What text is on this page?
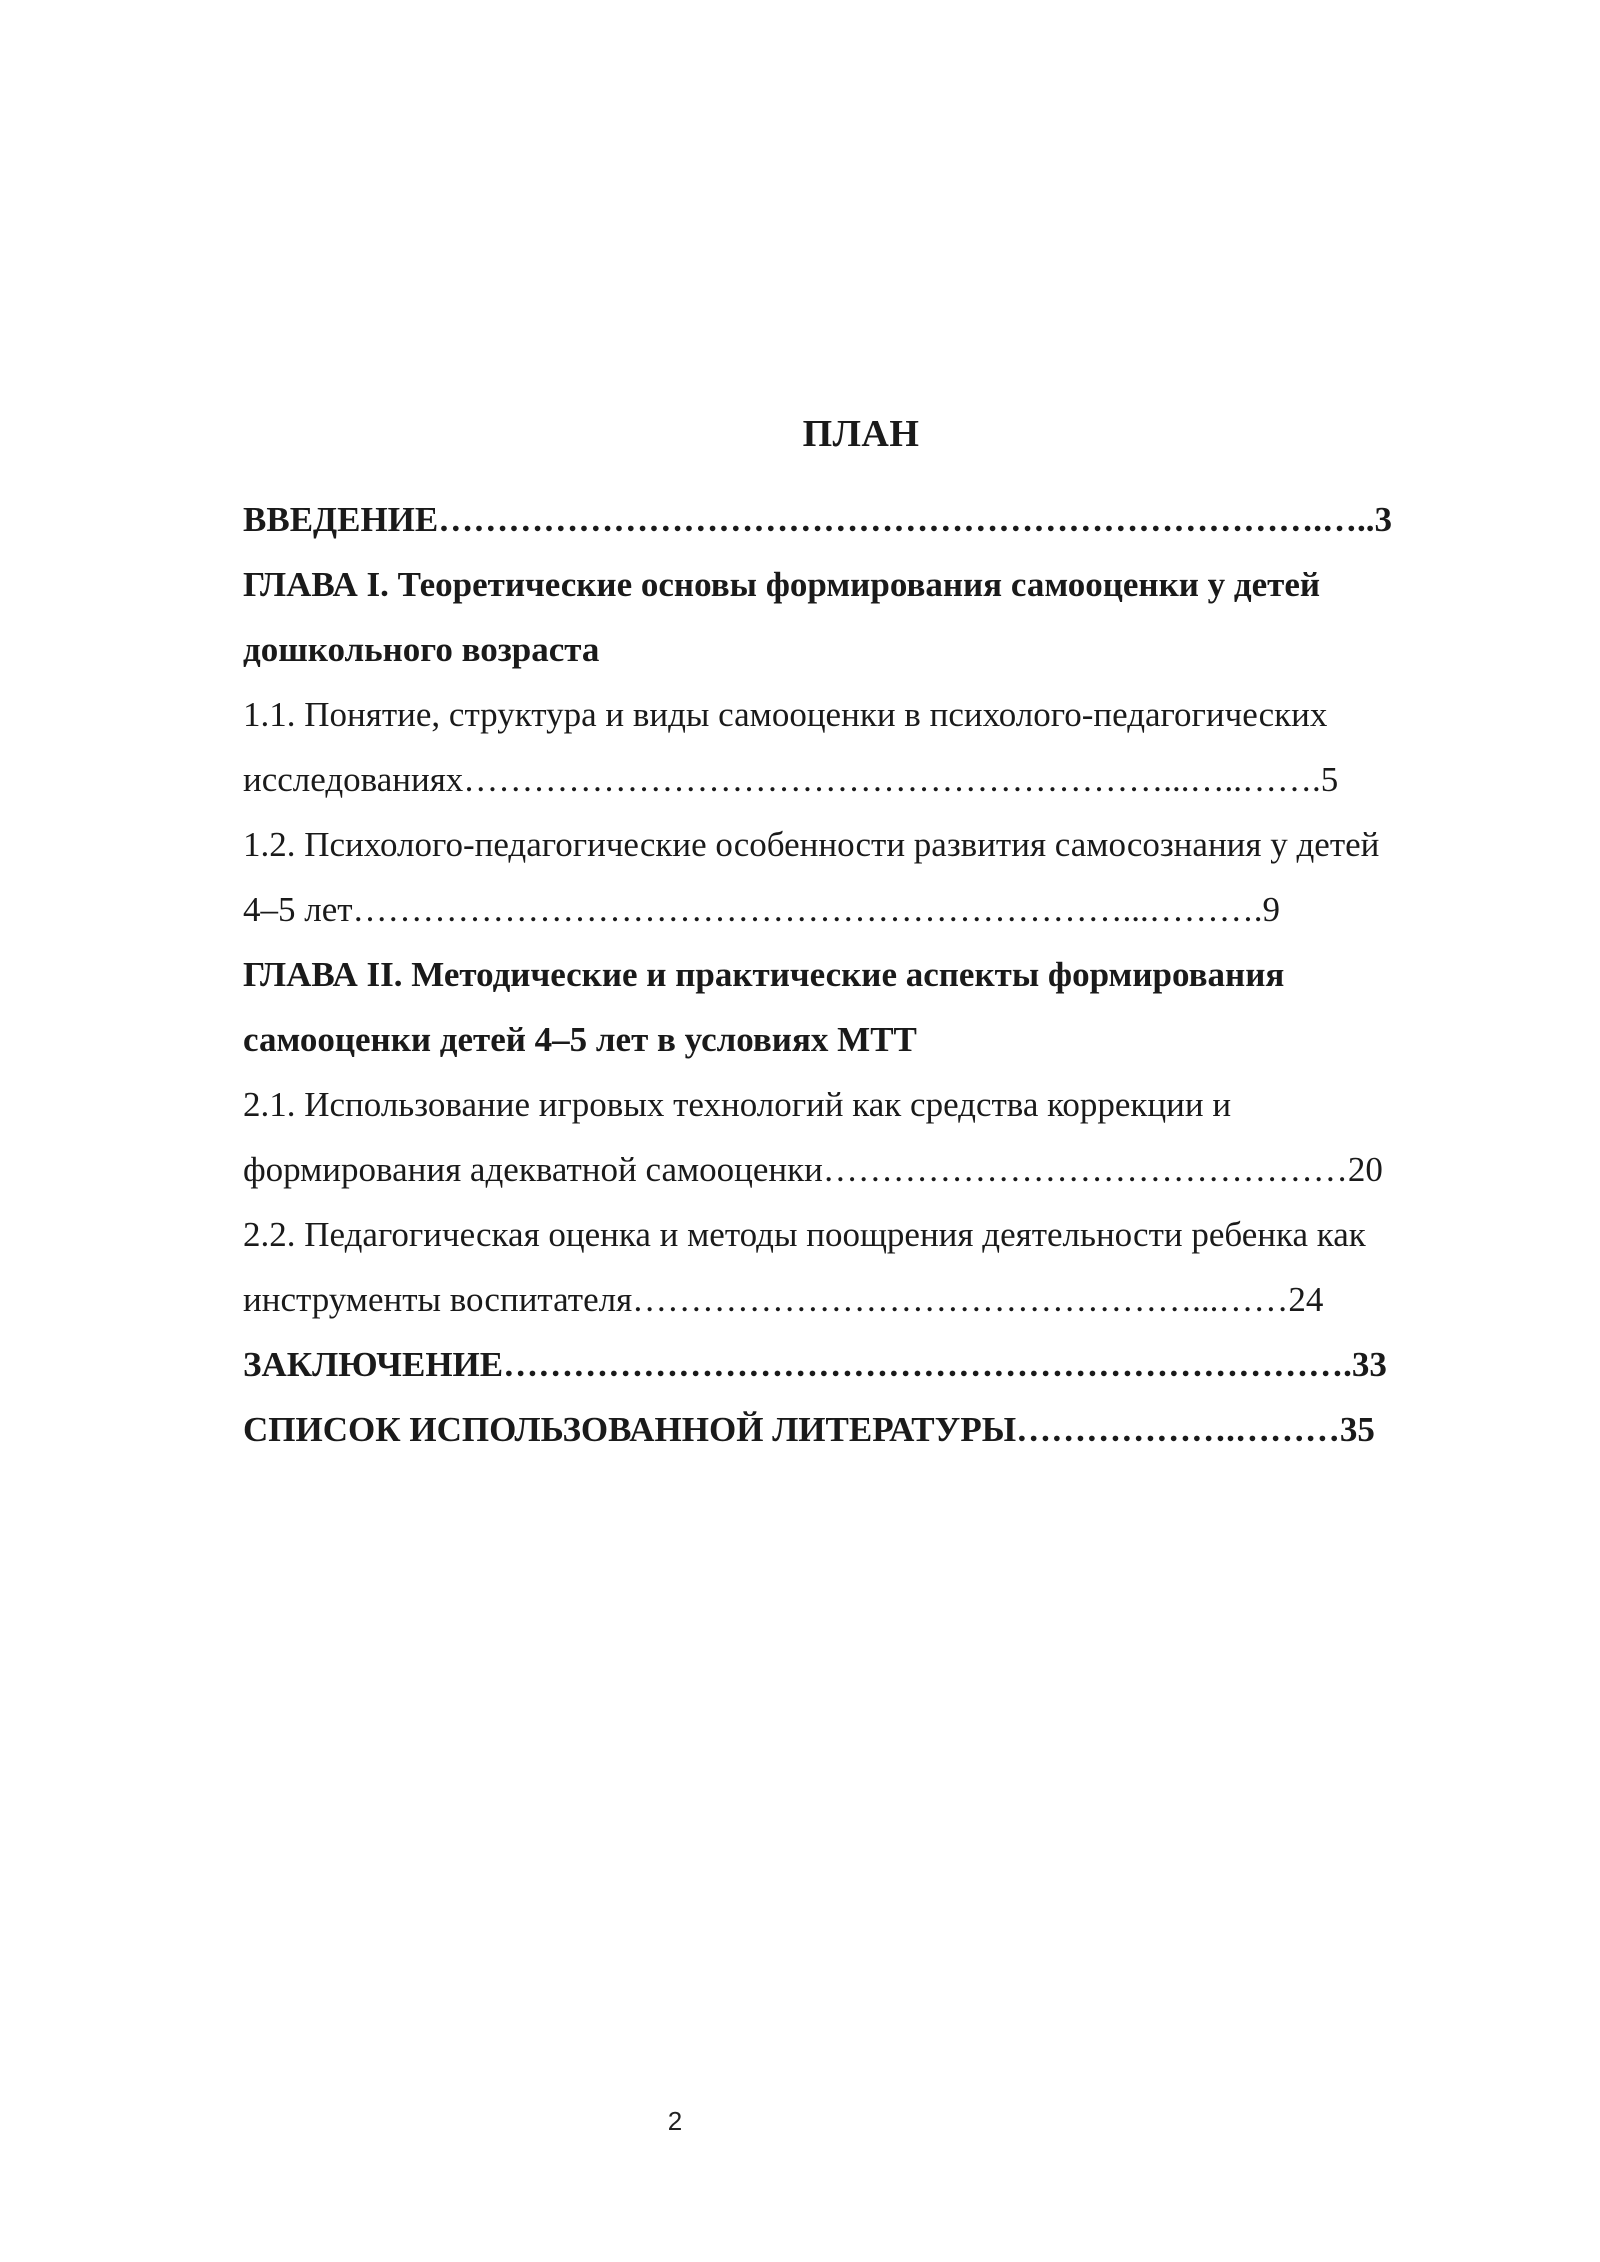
ПЛАН
ВВЕДЕНИЕ………………………………………………………………….…..3
ГЛАВА I. Теоретические основы формирования самооценки у детей
дошкольного возраста
1.1. Понятие, структура и виды самооценки в психолого-педагогических
исследованиях……………………………………………………...…..…….5
1.2. Психолого-педагогические особенности развития самосознания у детей
4–5 лет…………………………………………………………...……….9
ГЛАВА II. Методические и практические аспекты формирования
самооценки детей 4–5 лет в условиях МТТ
2.1. Использование игровых технологий как средства коррекции и
формирования адекватной самооценки………………………………………20
2.2. Педагогическая оценка и методы поощрения деятельности ребенка как
инструменты воспитателя…………………………………………...……24
ЗАКЛЮЧЕНИЕ……………………………………………………………….33
СПИСОК ИСПОЛЬЗОВАННОЙ ЛИТЕРАТУРЫ……………….………35
2
